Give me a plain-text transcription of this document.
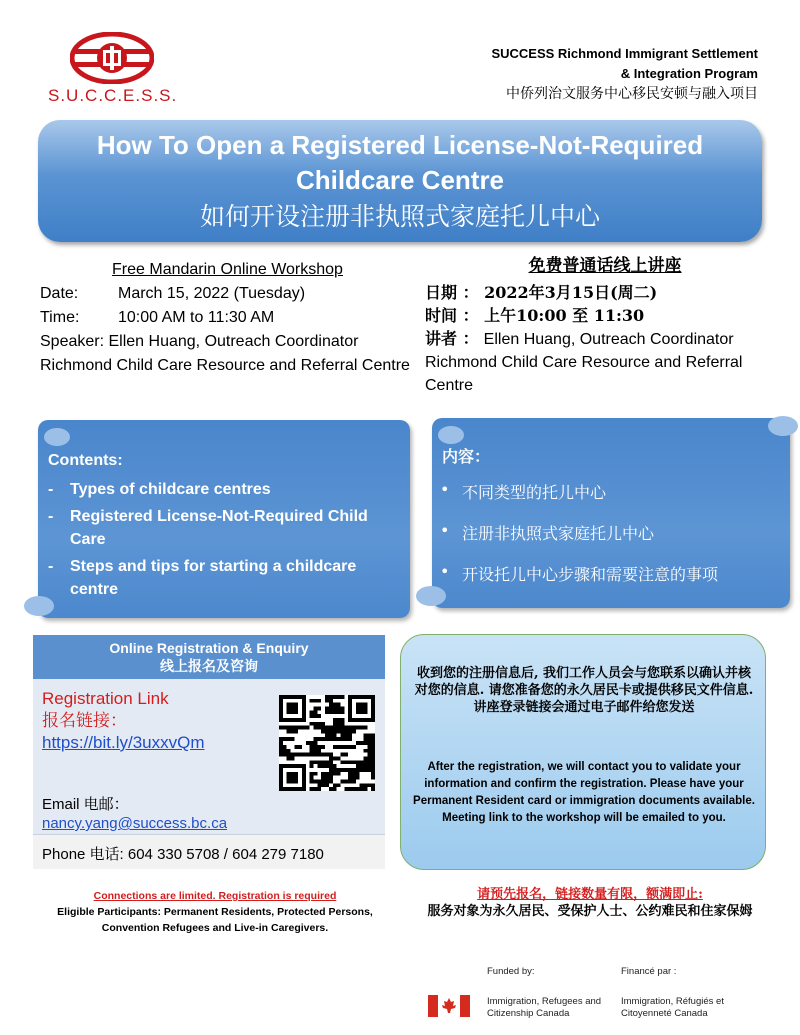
S.U.C.C.E.S.S.
SUCCESS Richmond Immigrant Settlement
& Integration Program
中侨列治文服务中心移民安顿与融入项目
How To Open a Registered License-Not-Required
Childcare Centre
如何开设注册非执照式家庭托儿中心
Free Mandarin Online Workshop
Date:	March 15, 2022 (Tuesday)
Time:	10:00 AM to 11:30 AM
Speaker: Ellen Huang, Outreach Coordinator
Richmond Child Care Resource and Referral Centre
免费普通话线上讲座
日期 ： 2022年3月15日(周二)
时间 ： 上午10:00 至 11:30
讲者 ： Ellen Huang, Outreach Coordinator
Richmond Child Care Resource and Referral Centre
Contents:
-	Types of childcare centres
-	Registered License-Not-Required Child Care
-	Steps and tips for starting a childcare centre
内容：
• 不同类型的托儿中心
• 注册非执照式家庭托儿中心
• 开设托儿中心步骤和需要注意的事项
Online Registration & Enquiry
线上报名及咨询
Registration Link
报名链接：
https://bit.ly/3uxxvQm
Email 电邮：
nancy.yang@success.bc.ca
Phone 电话: 604 330 5708 / 604 279 7180
收到您的注册信息后, 我们工作人员会与您联系以确认并核对您的信息. 请您准备您的永久居民卡或提供移民文件信息. 讲座登录链接会通过电子邮件给您发送
After the registration, we will contact you to validate your information and confirm the registration. Please have your Permanent Resident card or immigration documents available. Meeting link to the workshop will be emailed to you.
Connections are limited. Registration is required
Eligible Participants: Permanent Residents, Protected Persons, Convention Refugees and Live-in Caregivers.
请预先报名，链接数量有限，额满即止:
服务对象为永久居民、受保护人士、公约难民和住家保姆
Funded by:	Financé par :
Immigration, Refugees and Citizenship Canada
Immigration, Réfugiés et Citoyenneté Canada
